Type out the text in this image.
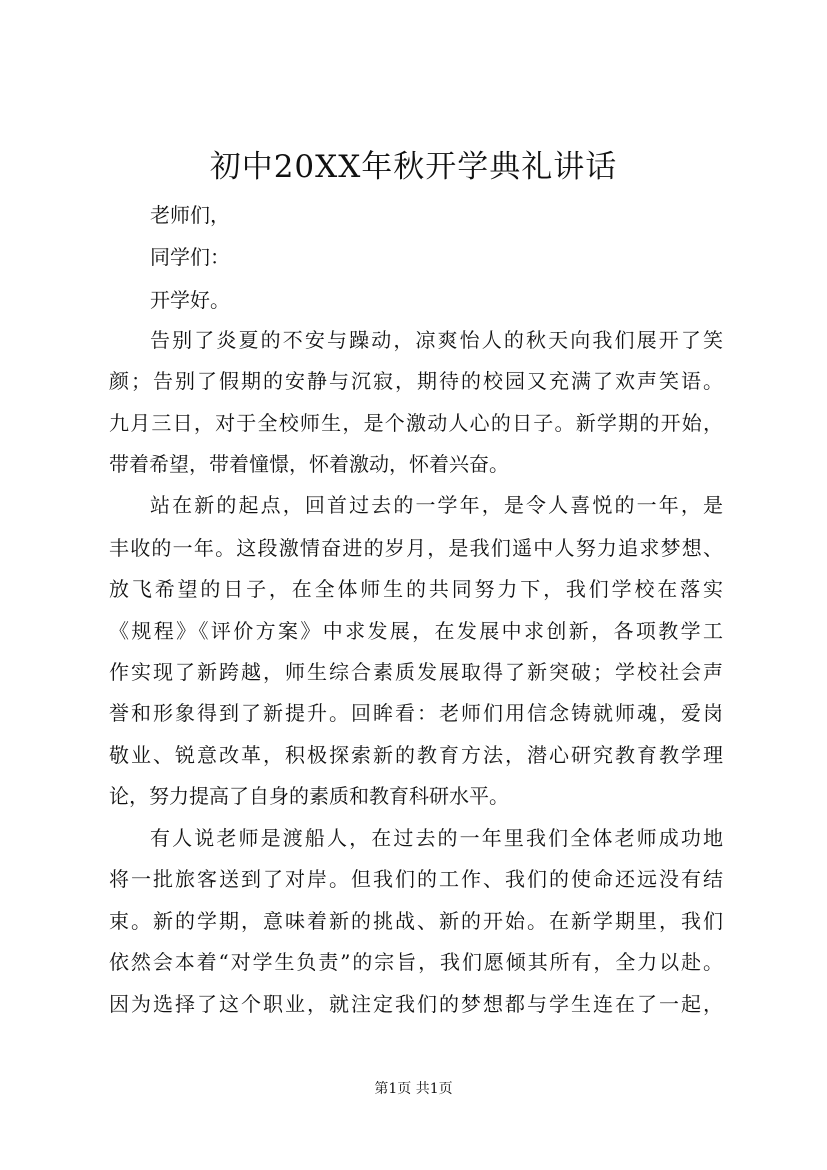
初中20XX年秋开学典礼讲话

老师们，

同学们：

开学好。

告别了炎夏的不安与躁动，凉爽怡人的秋天向我们展开了笑

颜；告别了假期的安静与沉寂，期待的校园又充满了欢声笑语。

九月三日，对于全校师生，是个激动人心的日子。新学期的开始，

带着希望，带着憧憬，怀着激动，怀着兴奋。

站在新的起点，回首过去的一学年，是令人喜悦的一年，是

丰收的一年。这段激情奋进的岁月，是我们遥中人努力追求梦想、

放飞希望的日子，在全体师生的共同努力下，我们学校在落实

《规程》《评价方案》中求发展，在发展中求创新，各项教学工

作实现了新跨越，师生综合素质发展取得了新突破；学校社会声

誉和形象得到了新提升。回眸看：老师们用信念铸就师魂，爱岗

敬业、锐意改革，积极探索新的教育方法，潜心研究教育教学理

论，努力提高了自身的素质和教育科研水平。

有人说老师是渡船人，在过去的一年里我们全体老师成功地

将一批旅客送到了对岸。但我们的工作、我们的使命还远没有结

束。新的学期，意味着新的挑战、新的开始。在新学期里，我们

依然会本着“对学生负责”的宗旨，我们愿倾其所有，全力以赴。

因为选择了这个职业，就注定我们的梦想都与学生连在了一起，

第1页 共1页
